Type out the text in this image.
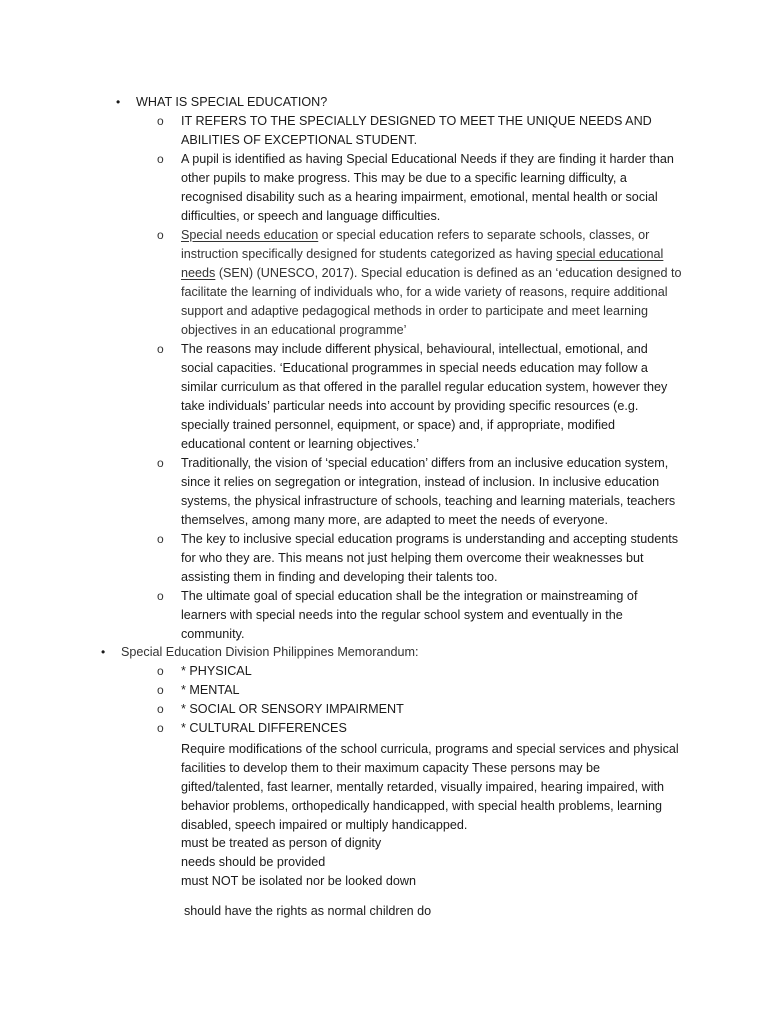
• WHAT IS SPECIAL EDUCATION?
o IT REFERS TO THE SPECIALLY DESIGNED TO MEET THE UNIQUE NEEDS AND ABILITIES OF EXCEPTIONAL STUDENT.
o A pupil is identified as having Special Educational Needs if they are finding it harder than other pupils to make progress. This may be due to a specific learning difficulty, a recognised disability such as a hearing impairment, emotional, mental health or social difficulties, or speech and language difficulties.
o Special needs education or special education refers to separate schools, classes, or instruction specifically designed for students categorized as having special educational needs (SEN) (UNESCO, 2017). Special education is defined as an ‘education designed to facilitate the learning of individuals who, for a wide variety of reasons, require additional support and adaptive pedagogical methods in order to participate and meet learning objectives in an educational programme’
o The reasons may include different physical, behavioural, intellectual, emotional, and social capacities. ‘Educational programmes in special needs education may follow a similar curriculum as that offered in the parallel regular education system, however they take individuals’ particular needs into account by providing specific resources (e.g. specially trained personnel, equipment, or space) and, if appropriate, modified educational content or learning objectives.’
o Traditionally, the vision of ‘special education’ differs from an inclusive education system, since it relies on segregation or integration, instead of inclusion. In inclusive education systems, the physical infrastructure of schools, teaching and learning materials, teachers themselves, among many more, are adapted to meet the needs of everyone.
o The key to inclusive special education programs is understanding and accepting students for who they are. This means not just helping them overcome their weaknesses but assisting them in finding and developing their talents too.
o The ultimate goal of special education shall be the integration or mainstreaming of learners with special needs into the regular school system and eventually in the community.
• Special Education Division Philippines Memorandum:
o * PHYSICAL
o * MENTAL
o * SOCIAL OR SENSORY IMPAIRMENT
o * CULTURAL DIFFERENCES
Require modifications of the school curricula, programs and special services and physical facilities to develop them to their maximum capacity These persons may be gifted/talented, fast learner, mentally retarded, visually impaired, hearing impaired, with behavior problems, orthopedically handicapped, with special health problems, learning disabled, speech impaired or multiply handicapped.
must be treated as person of dignity
needs should be provided
must NOT be isolated nor be looked down
should have the rights as normal children do
